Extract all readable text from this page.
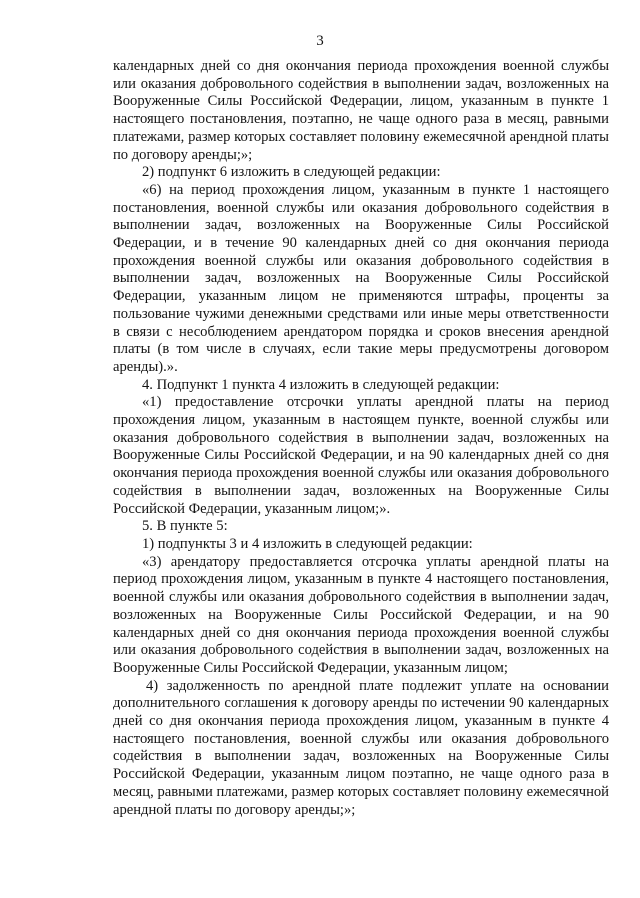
3

календарных дней со дня окончания периода прохождения военной службы или оказания добровольного содействия в выполнении задач, возложенных на Вооруженные Силы Российской Федерации, лицом, указанным в пункте 1 настоящего постановления, поэтапно, не чаще одного раза в месяц, равными платежами, размер которых составляет половину ежемесячной арендной платы по договору аренды;»;

2) подпункт 6 изложить в следующей редакции:

«6) на период прохождения лицом, указанным в пункте 1 настоящего постановления, военной службы или оказания добровольного содействия в выполнении задач, возложенных на Вооруженные Силы Российской Федерации, и в течение 90 календарных дней со дня окончания периода прохождения военной службы или оказания добровольного содействия в выполнении задач, возложенных на Вооруженные Силы Российской Федерации, указанным лицом не применяются штрафы, проценты за пользование чужими денежными средствами или иные меры ответственности в связи с несоблюдением арендатором порядка и сроков внесения арендной платы (в том числе в случаях, если такие меры предусмотрены договором аренды).».

4. Подпункт 1 пункта 4 изложить в следующей редакции:

«1) предоставление отсрочки уплаты арендной платы на период прохождения лицом, указанным в настоящем пункте, военной службы или оказания добровольного содействия в выполнении задач, возложенных на Вооруженные Силы Российской Федерации, и на 90 календарных дней со дня окончания периода прохождения военной службы или оказания добровольного содействия в выполнении задач, возложенных на Вооруженные Силы Российской Федерации, указанным лицом;».

5. В пункте 5:

1) подпункты 3 и 4 изложить в следующей редакции:

«3) арендатору предоставляется отсрочка уплаты арендной платы на период прохождения лицом, указанным в пункте 4 настоящего постановления, военной службы или оказания добровольного содействия в выполнении задач, возложенных на Вооруженные Силы Российской Федерации, и на 90 календарных дней со дня окончания периода прохождения военной службы или оказания добровольного содействия в выполнении задач, возложенных на Вооруженные Силы Российской Федерации, указанным лицом;

4) задолженность по арендной плате подлежит уплате на основании дополнительного соглашения к договору аренды по истечении 90 календарных дней со дня окончания периода прохождения лицом, указанным в пункте 4 настоящего постановления, военной службы или оказания добровольного содействия в выполнении задач, возложенных на Вооруженные Силы Российской Федерации, указанным лицом поэтапно, не чаще одного раза в месяц, равными платежами, размер которых составляет половину ежемесячной арендной платы по договору аренды;»;
